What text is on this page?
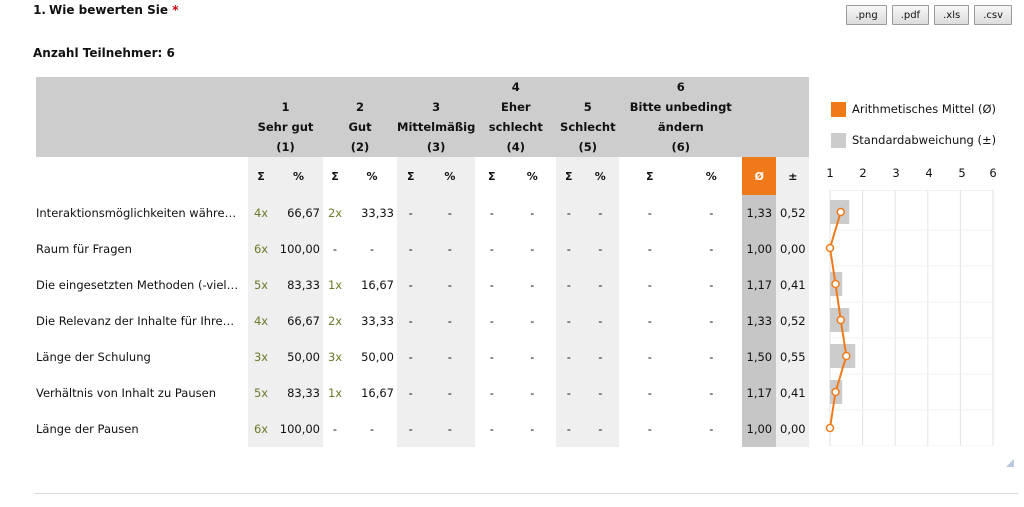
1. Wie bewerten Sie *	.png	.pdf	.xls	.csv
Anzahl Teilnehmer: 6

	1
Sehr gut
(1)		2
Gut
(2)		3
Mittelmäßig
(3)		4
Eher schlecht
(4)		5
Schlecht
(5)		6
Bitte unbedingt ändern
(6)			

	Σ	%	Σ	%	Σ	%	Σ	%	Σ	%	Σ	%	Ø	±
Interaktionsmöglichkeiten währe…	4x	66,67	2x	33,33	-	-	-	-	-	-	-	-	1,33	0,52
Raum für Fragen	6x	100,00	-	-	-	-	-	-	-	-	-	-	1,00	0,00
Die eingesetzten Methoden (-viel…	5x	83,33	1x	16,67	-	-	-	-	-	-	-	-	1,17	0,41
Die Relevanz der Inhalte für Ihre…	4x	66,67	2x	33,33	-	-	-	-	-	-	-	-	1,33	0,52
Länge der Schulung	3x	50,00	3x	50,00	-	-	-	-	-	-	-	-	1,50	0,55
Verhältnis von Inhalt zu Pausen	5x	83,33	1x	16,67	-	-	-	-	-	-	-	-	1,17	0,41
Länge der Pausen	6x	100,00	-	-	-	-	-	-	-	-	-	-	1,00	0,00
Arithmetisches Mittel (Ø)
Standardabweichung (±)
1 2 3 4 5 6
